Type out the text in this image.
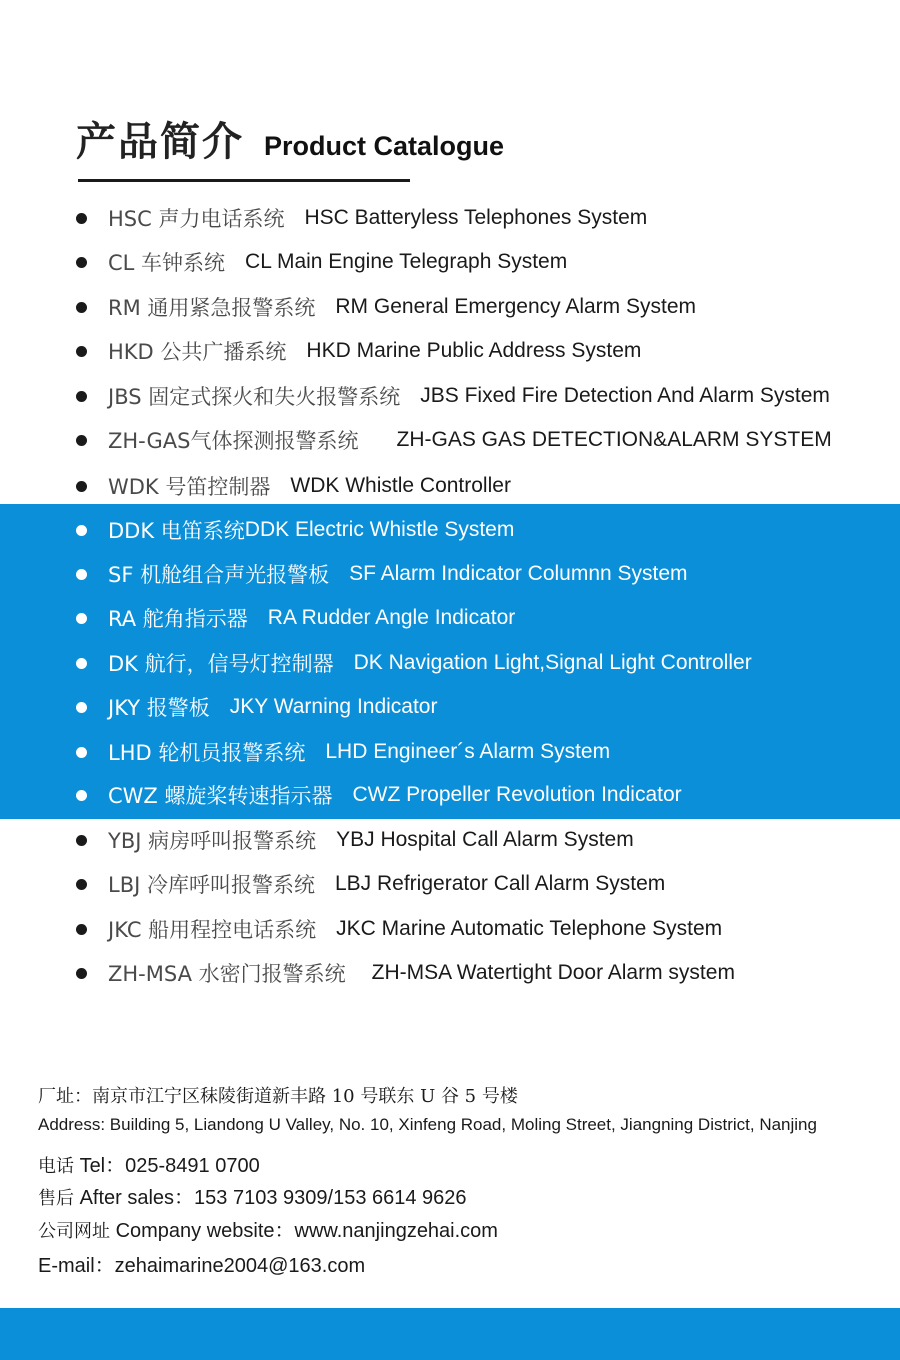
产品简介 Product Catalogue
HSC 声力电话系统 HSC Batteryless Telephones System
CL 车钟系统 CL Main Engine Telegraph System
RM 通用紧急报警系统 RM General Emergency Alarm System
HKD 公共广播系统 HKD Marine Public Address System
JBS 固定式探火和失火报警系统 JBS Fixed Fire Detection And Alarm System
ZH-GAS气体探测报警系统 ZH-GAS GAS DETECTION&ALARM SYSTEM
WDK 号笛控制器 WDK Whistle Controller
DDK 电笛系统 DDK Electric Whistle System
SF 机舱组合声光报警板 SF Alarm Indicator Columnn System
RA 舵角指示器 RA Rudder Angle Indicator
DK 航行，信号灯控制器 DK Navigation Light,Signal Light Controller
JKY 报警板 JKY Warning Indicator
LHD 轮机员报警系统 LHD Engineer´s Alarm System
CWZ 螺旋桨转速指示器 CWZ Propeller Revolution Indicator
YBJ 病房呼叫报警系统 YBJ Hospital Call Alarm System
LBJ 冷库呼叫报警系统 LBJ Refrigerator Call Alarm System
JKC 船用程控电话系统 JKC Marine Automatic Telephone System
ZH-MSA 水密门报警系统 ZH-MSA Watertight Door Alarm system
厂址：南京市江宁区秣陵街道新丰路 10 号联东 U 谷 5 号楼
Address: Building 5, Liandong U Valley, No. 10, Xinfeng Road, Moling Street, Jiangning District, Nanjing
电话 Tel：025-8491 0700
售后 After sales：153 7103 9309/153 6614 9626
公司网址 Company website：www.nanjingzehai.com
E-mail：zehaimarine2004@163.com
